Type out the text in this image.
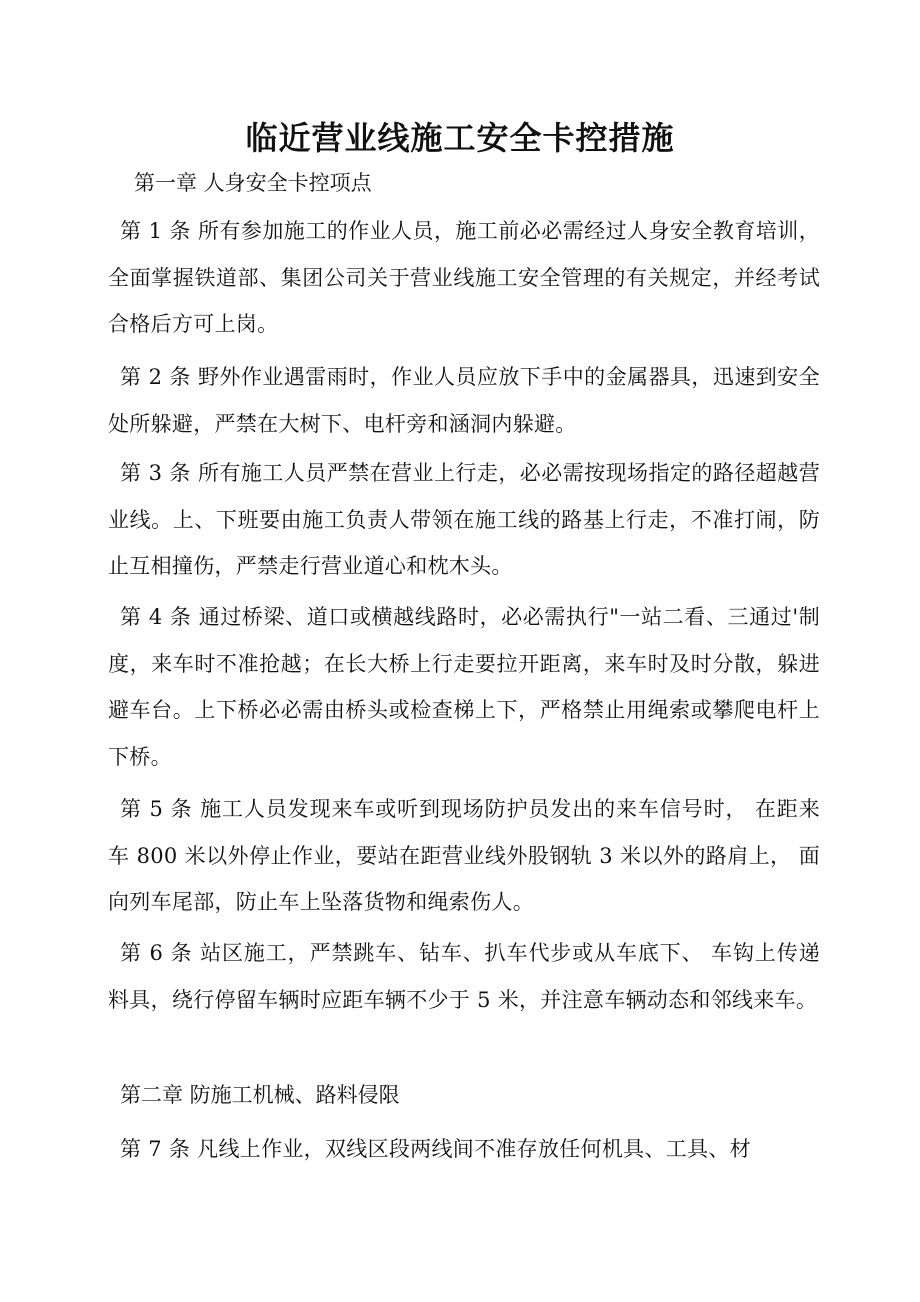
临近营业线施工安全卡控措施

第一章 人身安全卡控项点

第 1 条 所有参加施工的作业人员，施工前必必需经过人身安全教育培训，全面掌握铁道部、集团公司关于营业线施工安全管理的有关规定，并经考试合格后方可上岗。

第 2 条 野外作业遇雷雨时，作业人员应放下手中的金属器具，迅速到安全处所躲避，严禁在大树下、电杆旁和涵洞内躲避。

第 3 条 所有施工人员严禁在营业上行走，必必需按现场指定的路径超越营业线。上、下班要由施工负责人带领在施工线的路基上行走，不准打闹，防止互相撞伤，严禁走行营业道心和枕木头。

第 4 条 通过桥梁、道口或横越线路时，必必需执行"一站二看、三通过'制度，来车时不准抢越；在长大桥上行走要拉开距离，来车时及时分散，躲进避车台。上下桥必必需由桥头或检查梯上下，严格禁止用绳索或攀爬电杆上下桥。

第 5 条 施工人员发现来车或听到现场防护员发出的来车信号时， 在距来车 800 米以外停止作业，要站在距营业线外股钢轨 3 米以外的路肩上， 面向列车尾部，防止车上坠落货物和绳索伤人。

第 6 条 站区施工，严禁跳车、钻车、扒车代步或从车底下、 车钩上传递料具，绕行停留车辆时应距车辆不少于 5 米，并注意车辆动态和邻线来车。

第二章 防施工机械、路料侵限

第 7 条 凡线上作业，双线区段两线间不准存放任何机具、工具、材
